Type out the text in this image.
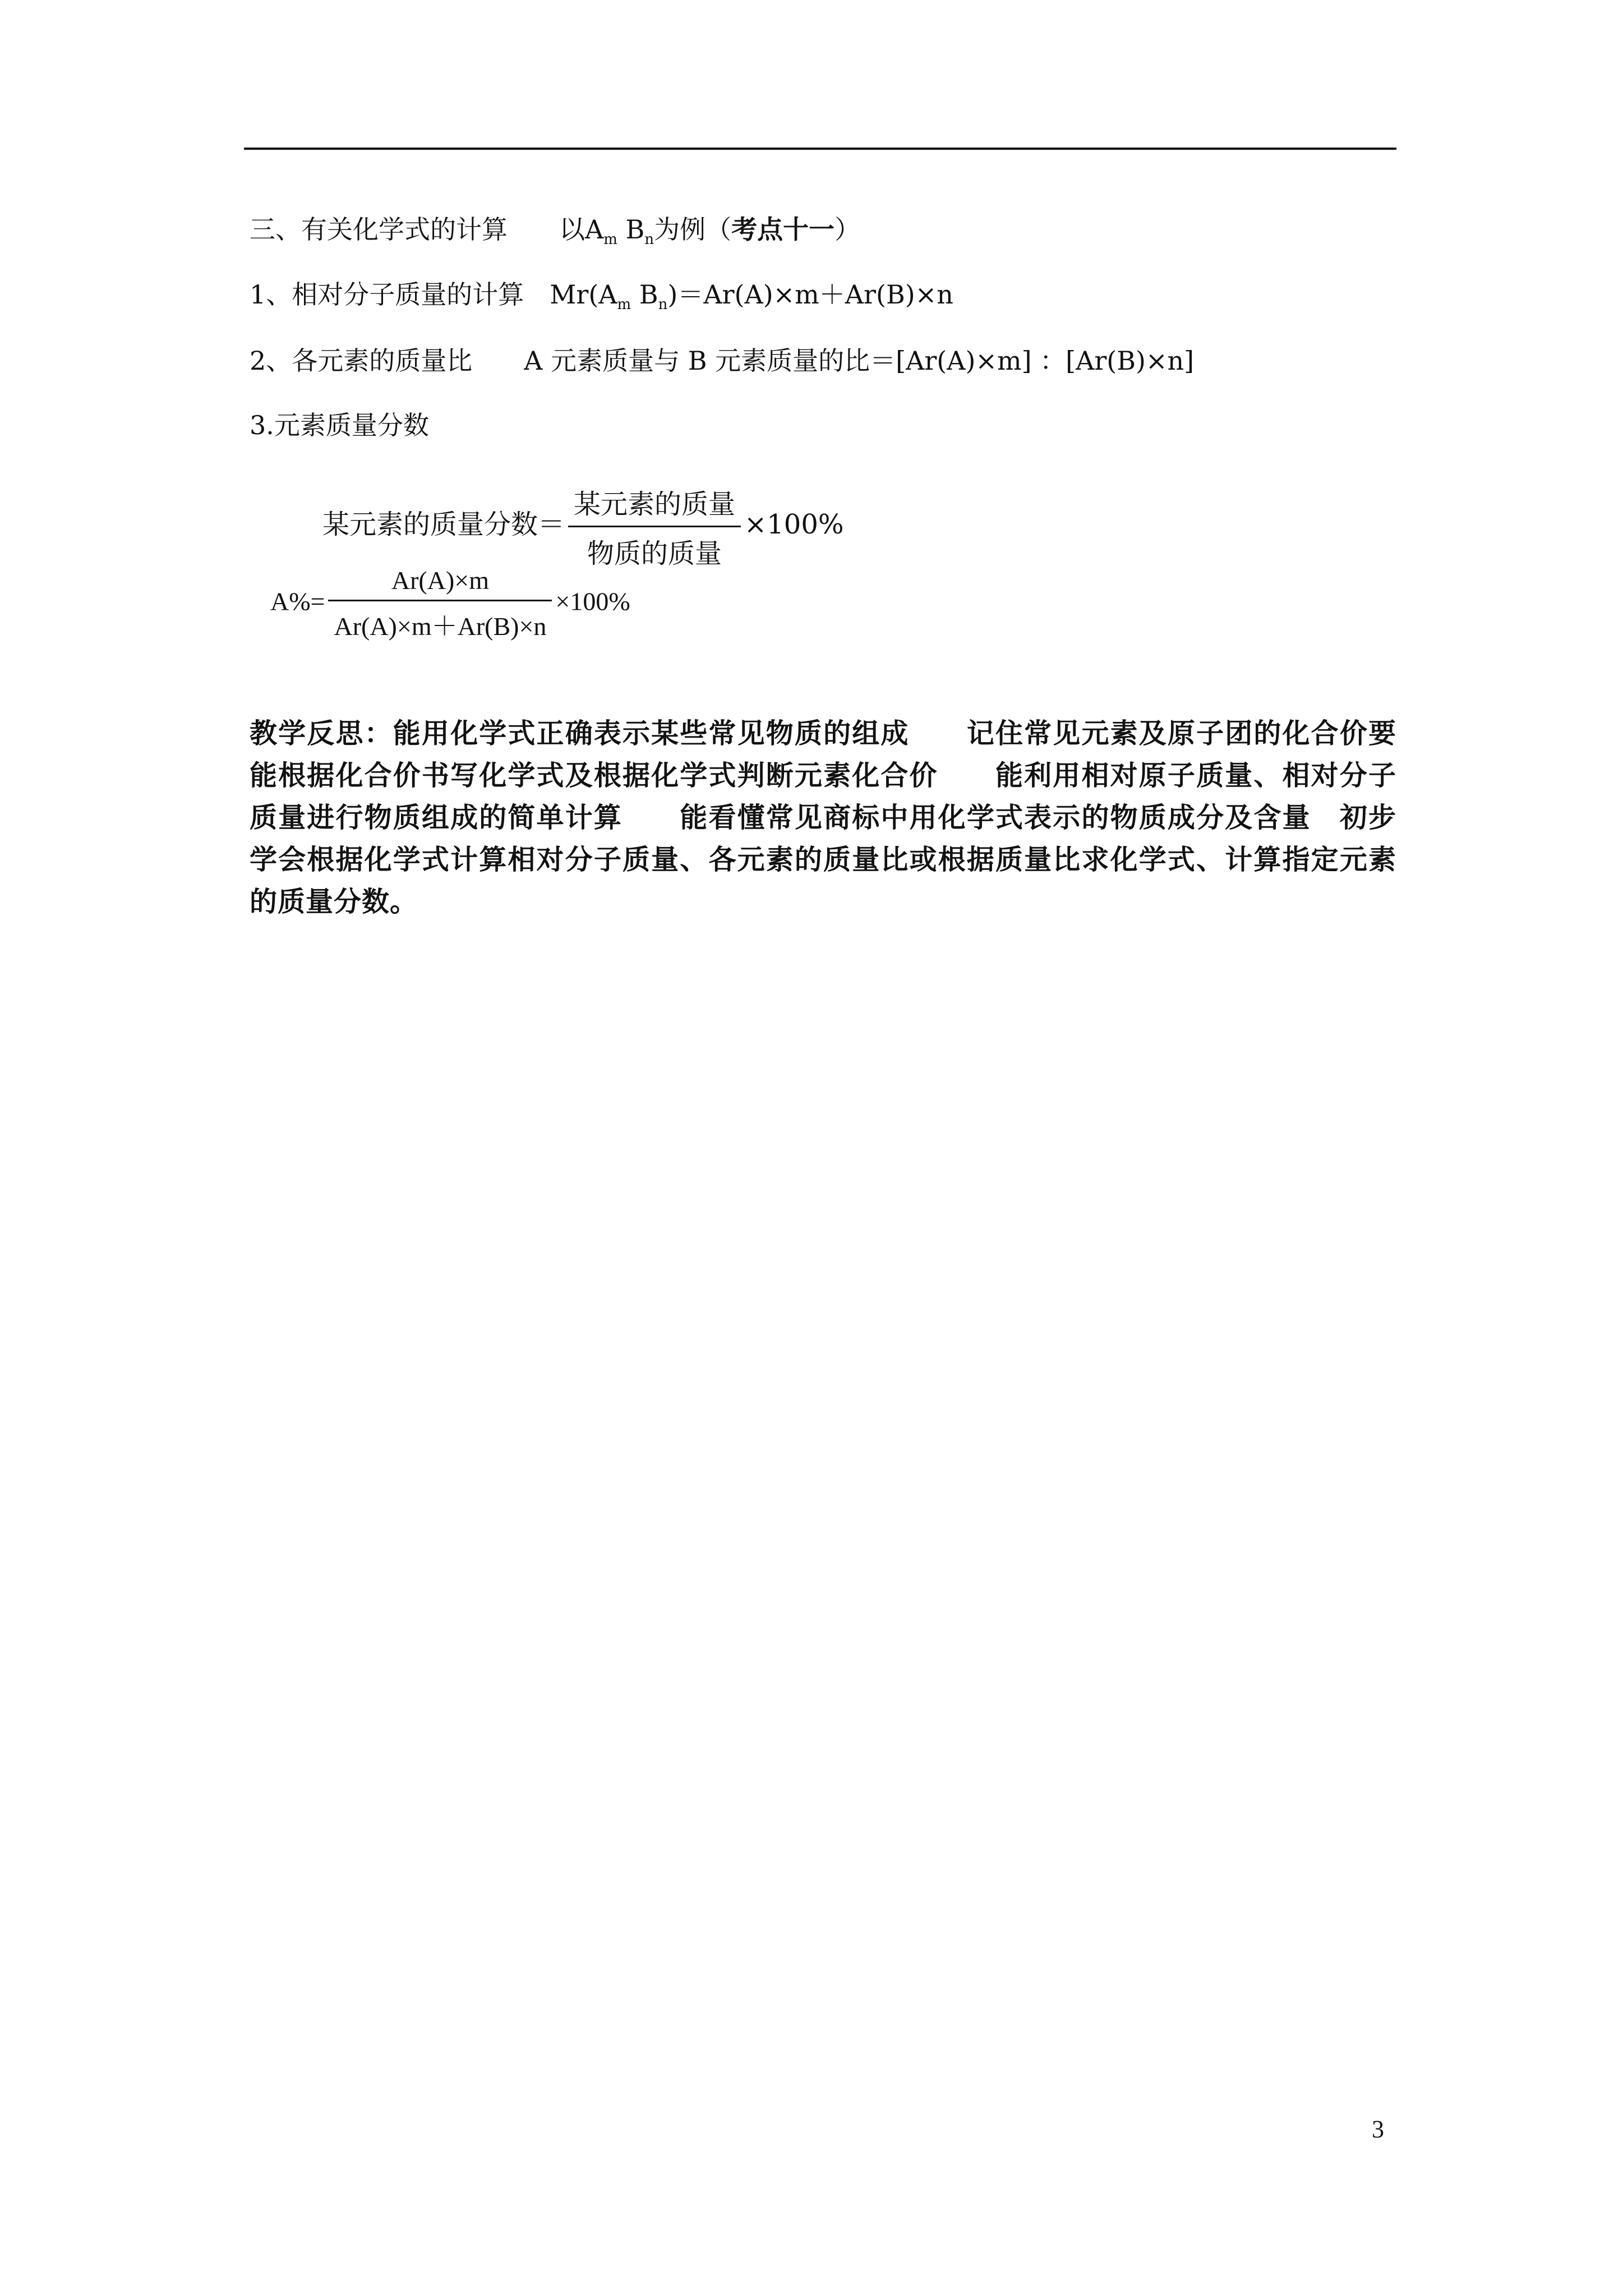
三、有关化学式的计算　　以$A_m$ $B_n$为例（考点十一）
1、相对分子质量的计算　$Mr(A_m$ $B_n)=Ar(A)\times m+Ar(B)\times n$
2、各元素的质量比　　A 元素质量与 B 元素质量的比＝[Ar(A)×m] ：[Ar(B)×n]
3.元素质量分数
某元素的质量分数＝ $\frac{\text{某元素的质量}}{\text{物质的质量}} \times 100\%$
$A\%= \frac{Ar(A)\times m}{Ar(A)\times m+Ar(B)\times n} \times 100\%$
教学反思：能用化学式正确表示某些常见物质的组成　　记住常见元素及原子团的化合价要能根据化合价书写化学式及根据化学式判断元素化合价　　能利用相对原子质量、相对分子质量进行物质组成的简单计算　　能看懂常见商标中用化学式表示的物质成分及含量　初步学会根据化学式计算相对分子质量、各元素的质量比或根据质量比求化学式、计算指定元素的质量分数。
3
